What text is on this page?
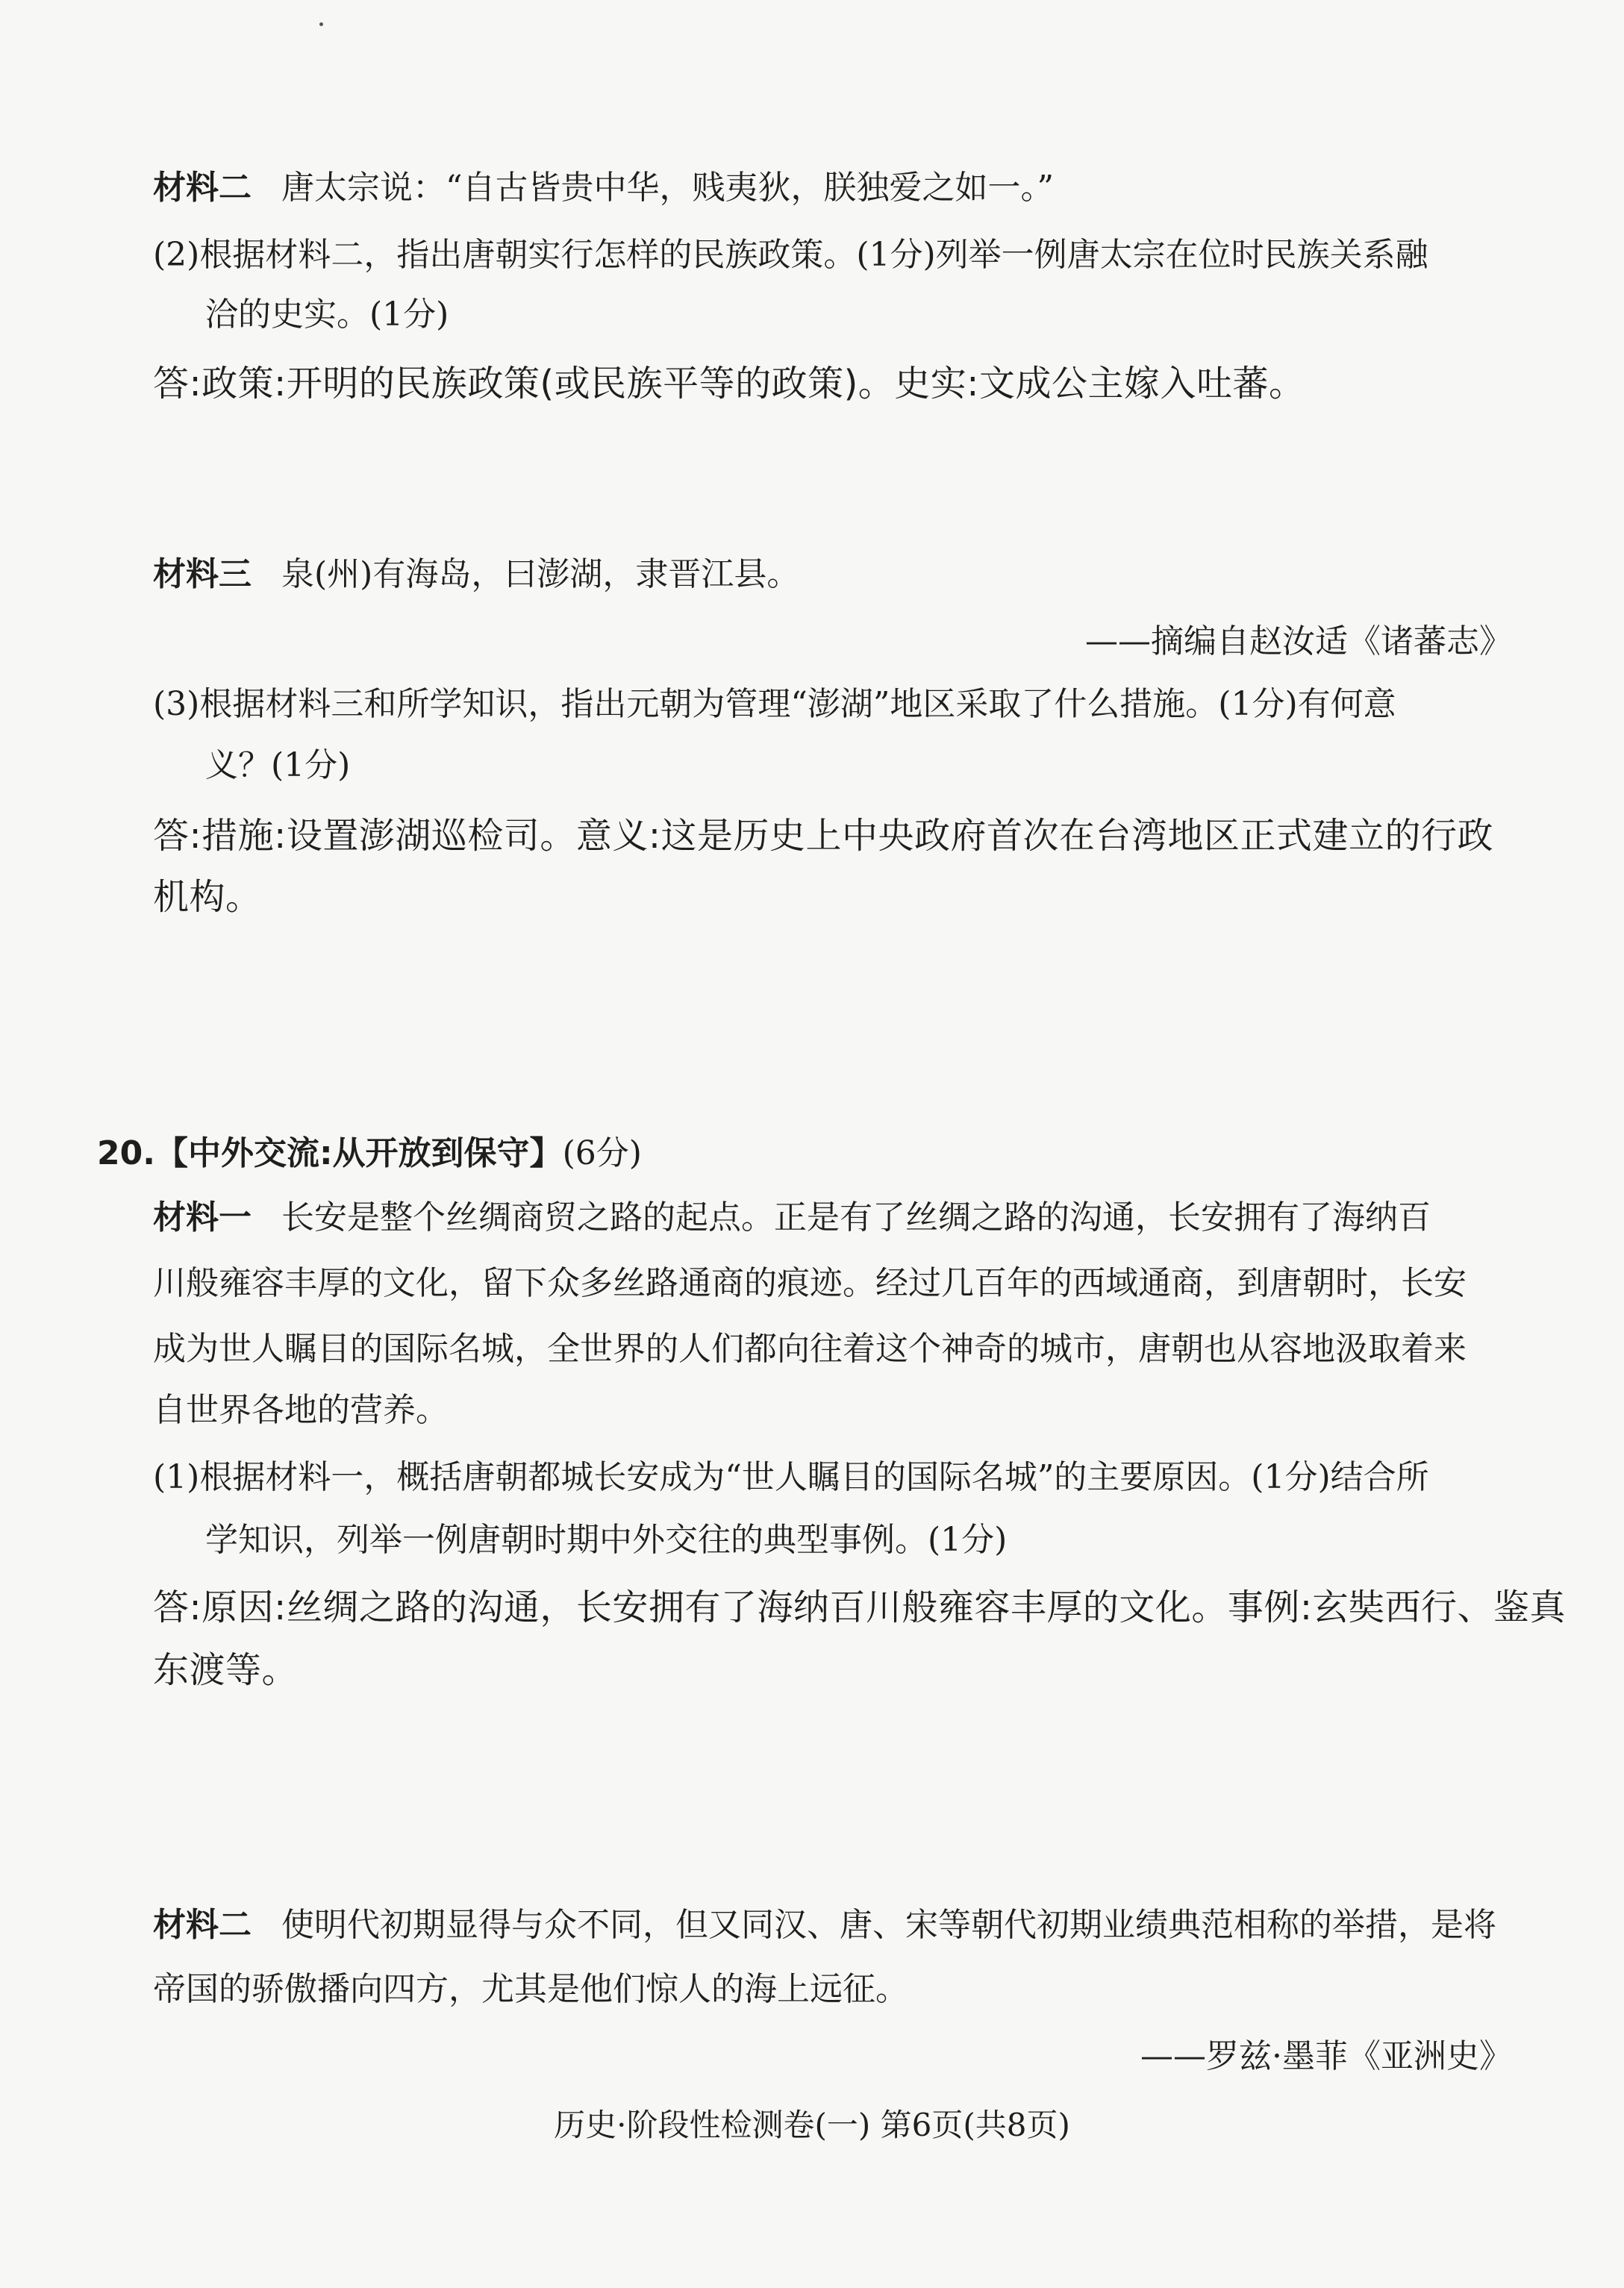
材料二 唐太宗说：“自古皆贵中华，贱夷狄，朕独爱之如一。”
(2)根据材料二，指出唐朝实行怎样的民族政策。(1分)列举一例唐太宗在位时民族关系融
洽的史实。(1分)
答:政策:开明的民族政策(或民族平等的政策)。史实:文成公主嫁入吐蕃。
材料三 泉(州)有海岛，曰澎湖，隶晋江县。
——摘编自赵汝适《诸蕃志》
(3)根据材料三和所学知识，指出元朝为管理“澎湖”地区采取了什么措施。(1分)有何意
义？(1分)
答:措施:设置澎湖巡检司。意义:这是历史上中央政府首次在台湾地区正式建立的行政
机构。
20.【中外交流:从开放到保守】(6分)
材料一 长安是整个丝绸商贸之路的起点。正是有了丝绸之路的沟通，长安拥有了海纳百
川般雍容丰厚的文化，留下众多丝路通商的痕迹。经过几百年的西域通商，到唐朝时，长安
成为世人瞩目的国际名城，全世界的人们都向往着这个神奇的城市，唐朝也从容地汲取着来
自世界各地的营养。
(1)根据材料一，概括唐朝都城长安成为“世人瞩目的国际名城”的主要原因。(1分)结合所
学知识，列举一例唐朝时期中外交往的典型事例。(1分)
答:原因:丝绸之路的沟通，长安拥有了海纳百川般雍容丰厚的文化。事例:玄奘西行、鉴真
东渡等。
材料二 使明代初期显得与众不同，但又同汉、唐、宋等朝代初期业绩典范相称的举措，是将
帝国的骄傲播向四方，尤其是他们惊人的海上远征。
——罗兹·墨菲《亚洲史》
历史·阶段性检测卷(一) 第6页(共8页)
